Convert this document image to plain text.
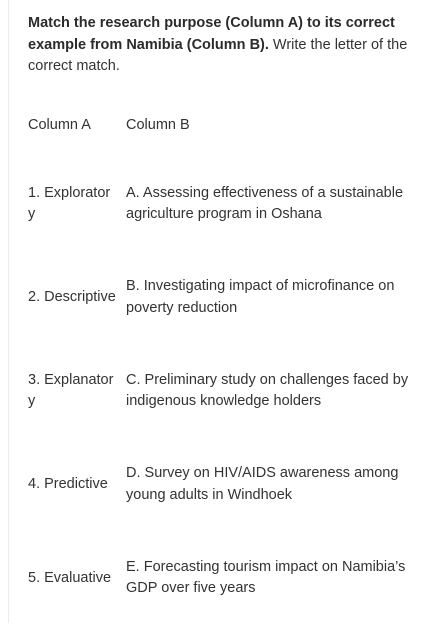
Match the research purpose (Column A) to its correct example from Namibia (Column B). Write the letter of the correct match.

Column A	Column B
1. Exploratory	A. Assessing effectiveness of a sustainable agriculture program in Oshana
2. Descriptive	B. Investigating impact of microfinance on poverty reduction
3. Explanatory	C. Preliminary study on challenges faced by indigenous knowledge holders
4. Predictive	D. Survey on HIV/AIDS awareness among young adults in Windhoek
5. Evaluative	E. Forecasting tourism impact on Namibia’s GDP over five years
